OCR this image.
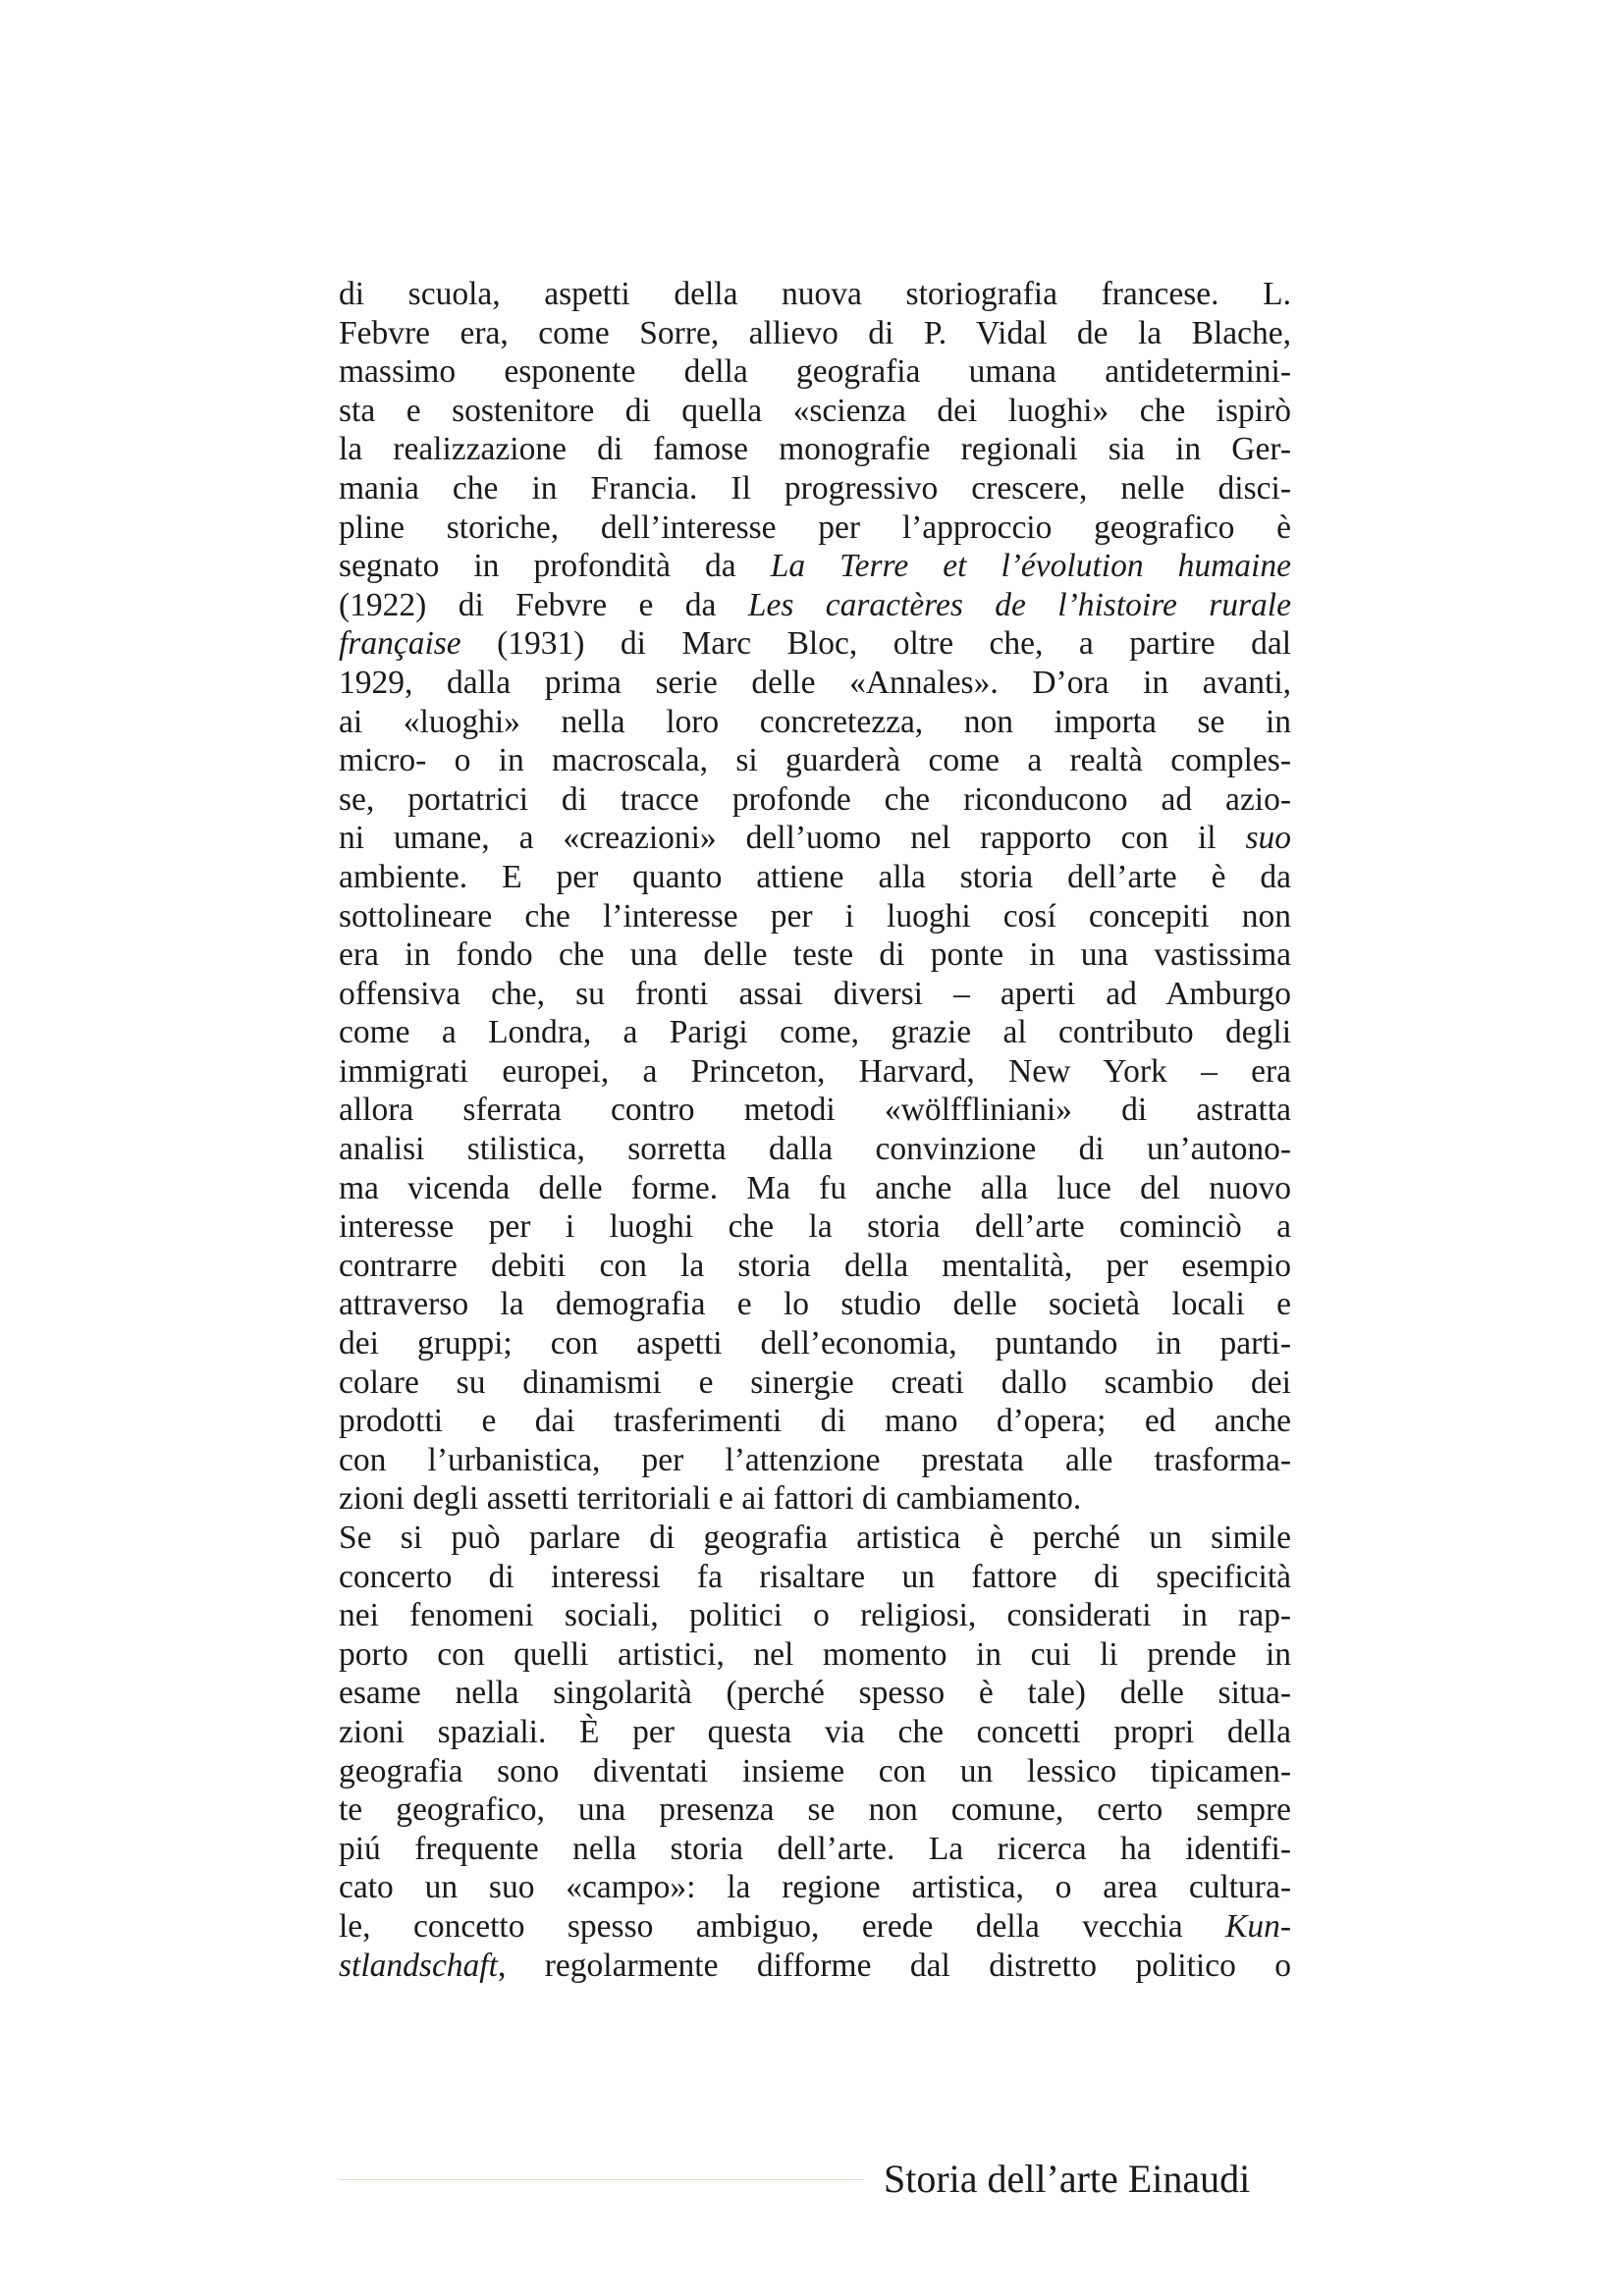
di scuola, aspetti della nuova storiografia francese. L.
Febvre era, come Sorre, allievo di P. Vidal de la Blache,
massimo esponente della geografia umana antidetermini-
sta e sostenitore di quella «scienza dei luoghi» che ispirò
la realizzazione di famose monografie regionali sia in Ger-
mania che in Francia. Il progressivo crescere, nelle disci-
pline storiche, dell’interesse per l’approccio geografico è
segnato in profondità da La Terre et l’évolution humaine
(1922) di Febvre e da Les caractères de l’histoire rurale
française (1931) di Marc Bloc, oltre che, a partire dal
1929, dalla prima serie delle «Annales». D’ora in avanti,
ai «luoghi» nella loro concretezza, non importa se in
micro- o in macroscala, si guarderà come a realtà comples-
se, portatrici di tracce profonde che riconducono ad azio-
ni umane, a «creazioni» dell’uomo nel rapporto con il suo
ambiente. E per quanto attiene alla storia dell’arte è da
sottolineare che l’interesse per i luoghi cosí concepiti non
era in fondo che una delle teste di ponte in una vastissima
offensiva che, su fronti assai diversi – aperti ad Amburgo
come a Londra, a Parigi come, grazie al contributo degli
immigrati europei, a Princeton, Harvard, New York – era
allora sferrata contro metodi «wölffliniani» di astratta
analisi stilistica, sorretta dalla convinzione di un’autono-
ma vicenda delle forme. Ma fu anche alla luce del nuovo
interesse per i luoghi che la storia dell’arte cominciò a
contrarre debiti con la storia della mentalità, per esempio
attraverso la demografia e lo studio delle società locali e
dei gruppi; con aspetti dell’economia, puntando in parti-
colare su dinamismi e sinergie creati dallo scambio dei
prodotti e dai trasferimenti di mano d’opera; ed anche
con l’urbanistica, per l’attenzione prestata alle trasforma-
zioni degli assetti territoriali e ai fattori di cambiamento.
Se si può parlare di geografia artistica è perché un simile
concerto di interessi fa risaltare un fattore di specificità
nei fenomeni sociali, politici o religiosi, considerati in rap-
porto con quelli artistici, nel momento in cui li prende in
esame nella singolarità (perché spesso è tale) delle situa-
zioni spaziali. È per questa via che concetti propri della
geografia sono diventati insieme con un lessico tipicamen-
te geografico, una presenza se non comune, certo sempre
piú frequente nella storia dell’arte. La ricerca ha identifi-
cato un suo «campo»: la regione artistica, o area cultura-
le, concetto spesso ambiguo, erede della vecchia Kun-
stlandschaft, regolarmente difforme dal distretto politico o
Storia dell’arte Einaudi
